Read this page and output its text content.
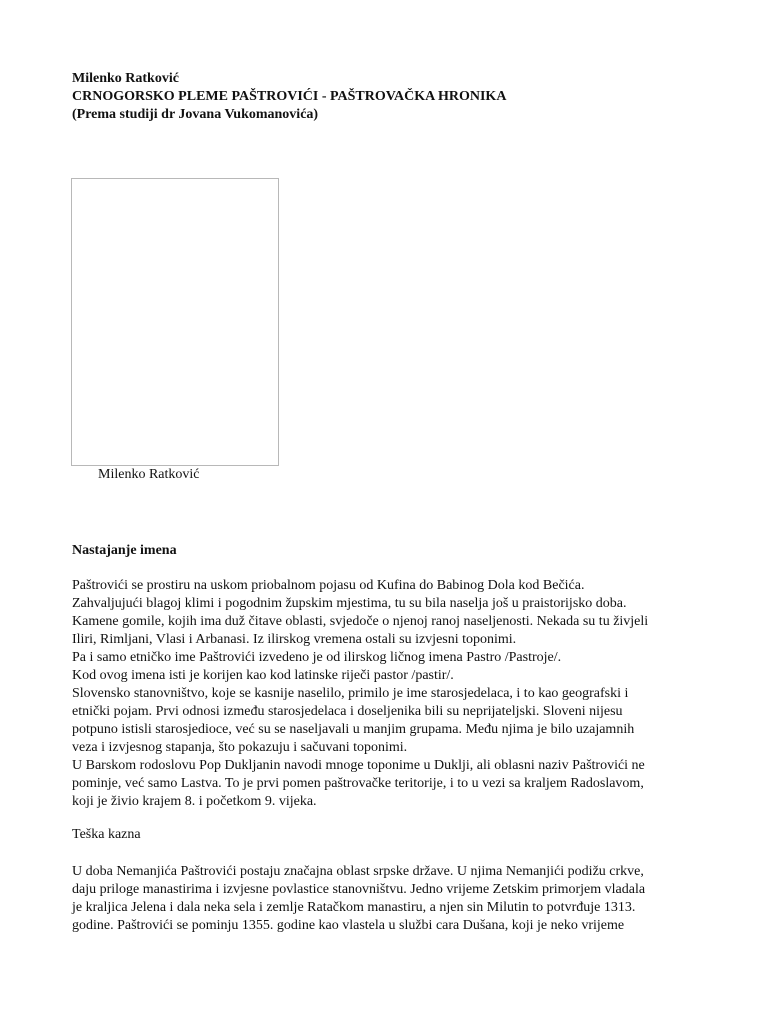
Milenko Ratković

CRNOGORSKO PLEME PAŠTROVIĆI - PAŠTROVAČKA HRONIKA

(Prema studiji dr Jovana Vukomanovića)

Milenko Ratković

Nastajanje imena

Paštrovići se prostiru na uskom priobalnom pojasu od Kufina do Babinog Dola kod Bečića.
Zahvaljujući blagoj klimi i pogodnim župskim mjestima, tu su bila naselja još u praistorijsko doba.
Kamene gomile, kojih ima duž čitave oblasti, svjedoče o njenoj ranoj naseljenosti. Nekada su tu živjeli
Iliri, Rimljani, Vlasi i Arbanasi. Iz ilirskog vremena ostali su izvjesni toponimi.
Pa i samo etničko ime Paštrovići izvedeno je od ilirskog ličnog imena Pastro /Pastroje/.
Kod ovog imena isti je korijen kao kod latinske riječi pastor /pastir/.
Slovensko stanovništvo, koje se kasnije naselilo, primilo je ime starosjedelaca, i to kao geografski i
etnički pojam. Prvi odnosi između starosjedelaca i doseljenika bili su neprijateljski. Sloveni nijesu
potpuno istisli starosjedioce, već su se naseljavali u manjim grupama. Među njima je bilo uzajamnih
veza i izvjesnog stapanja, što pokazuju i sačuvani toponimi.
U Barskom rodoslovu Pop Dukljanin navodi mnoge toponime u Duklji, ali oblasni naziv Paštrovići ne
pominje, već samo Lastva. To je prvi pomen paštrovačke teritorije, i to u vezi sa kraljem Radoslavom,
koji je živio krajem 8. i početkom 9. vijeka.

Teška kazna

U doba Nemanjića Paštrovići postaju značajna oblast srpske države. U njima Nemanjići podižu crkve,
daju priloge manastirima i izvjesne povlastice stanovništvu. Jedno vrijeme Zetskim primorjem vladala
je kraljica Jelena i dala neka sela i zemlje Ratačkom manastiru, a njen sin Milutin to potvrđuje 1313.
godine. Paštrovići se pominju 1355. godine kao vlastela u službi cara Dušana, koji je neko vrijeme
